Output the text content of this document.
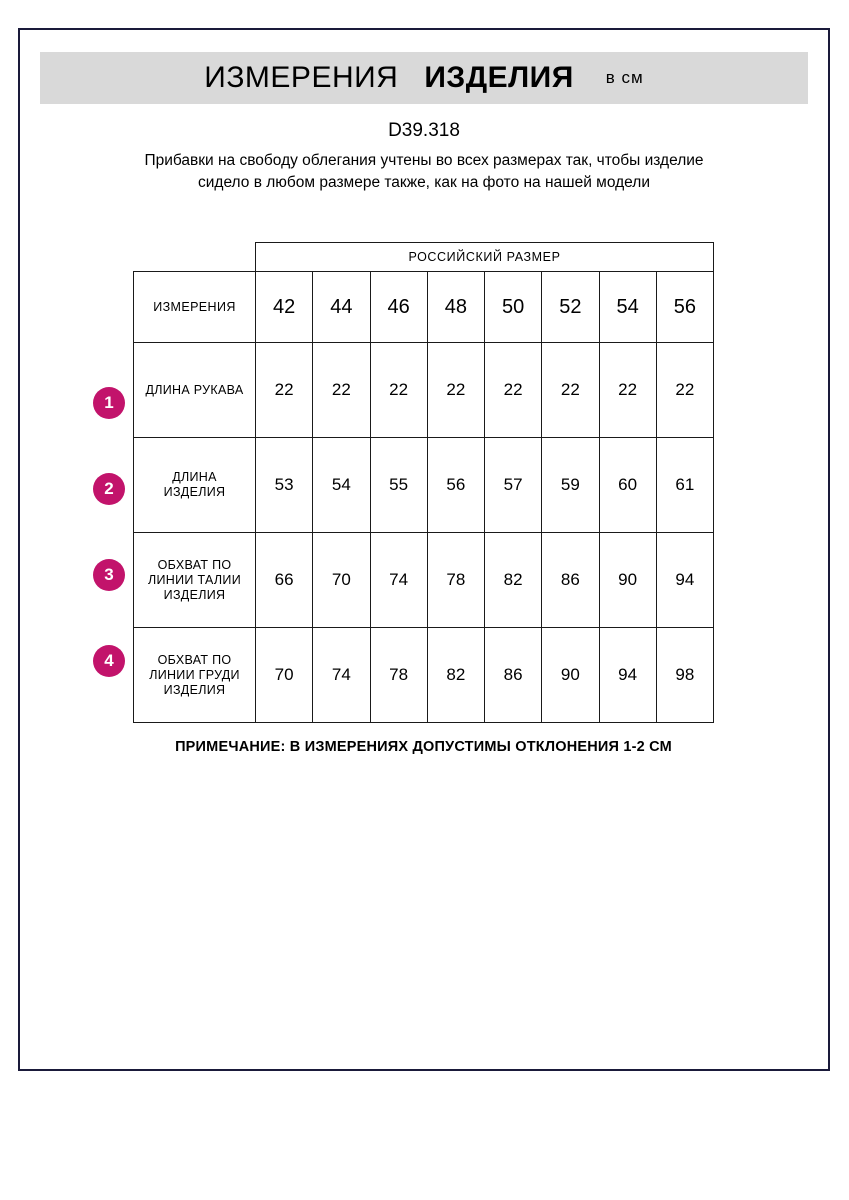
ИЗМЕРЕНИЯ ИЗДЕЛИЯ в см
D39.318
Прибавки на свободу облегания учтены во всех размерах так, чтобы изделие сидело в любом размере также, как на фото на нашей модели
1
2
3
4
	РОССИЙСКИЙ РАЗМЕР							
ИЗМЕРЕНИЯ	42	44	46	48	50	52	54	56
ДЛИНА РУКАВА	22	22	22	22	22	22	22	22
ДЛИНА ИЗДЕЛИЯ	53	54	55	56	57	59	60	61
ОБХВАТ ПО ЛИНИИ ТАЛИИ ИЗДЕЛИЯ	66	70	74	78	82	86	90	94
ОБХВАТ ПО ЛИНИИ ГРУДИ ИЗДЕЛИЯ	70	74	78	82	86	90	94	98
ПРИМЕЧАНИЕ: В ИЗМЕРЕНИЯХ ДОПУСТИМЫ ОТКЛОНЕНИЯ 1-2 СМ
